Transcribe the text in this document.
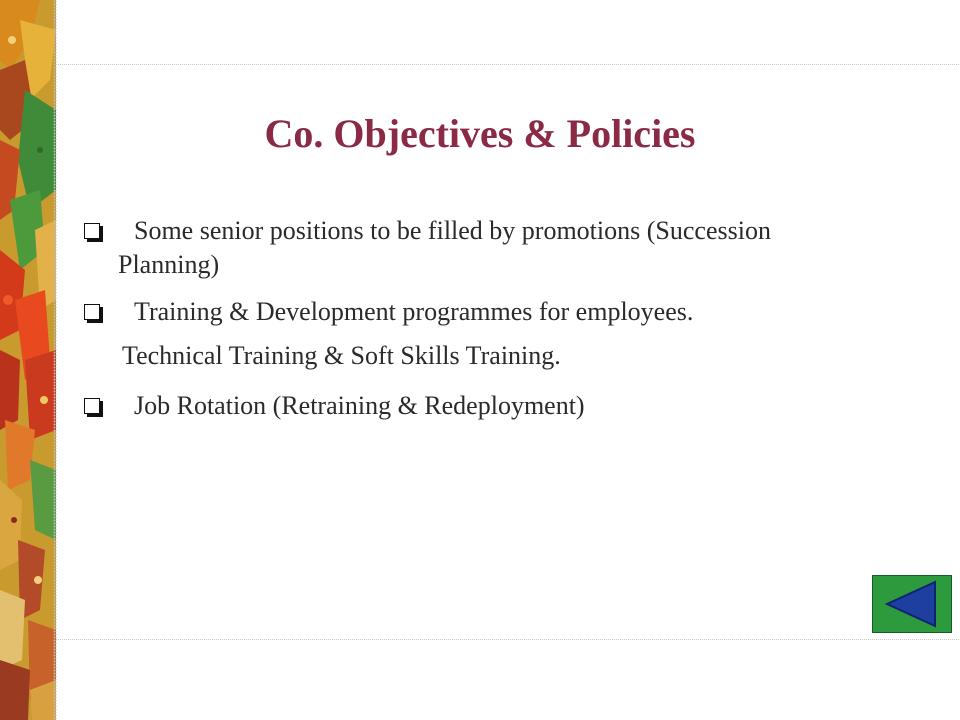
Co. Objectives & Policies
Some senior positions to be filled by promotions (Succession Planning)
Training & Development programmes for employees.
Technical Training & Soft Skills Training.
Job Rotation (Retraining & Redeployment)
